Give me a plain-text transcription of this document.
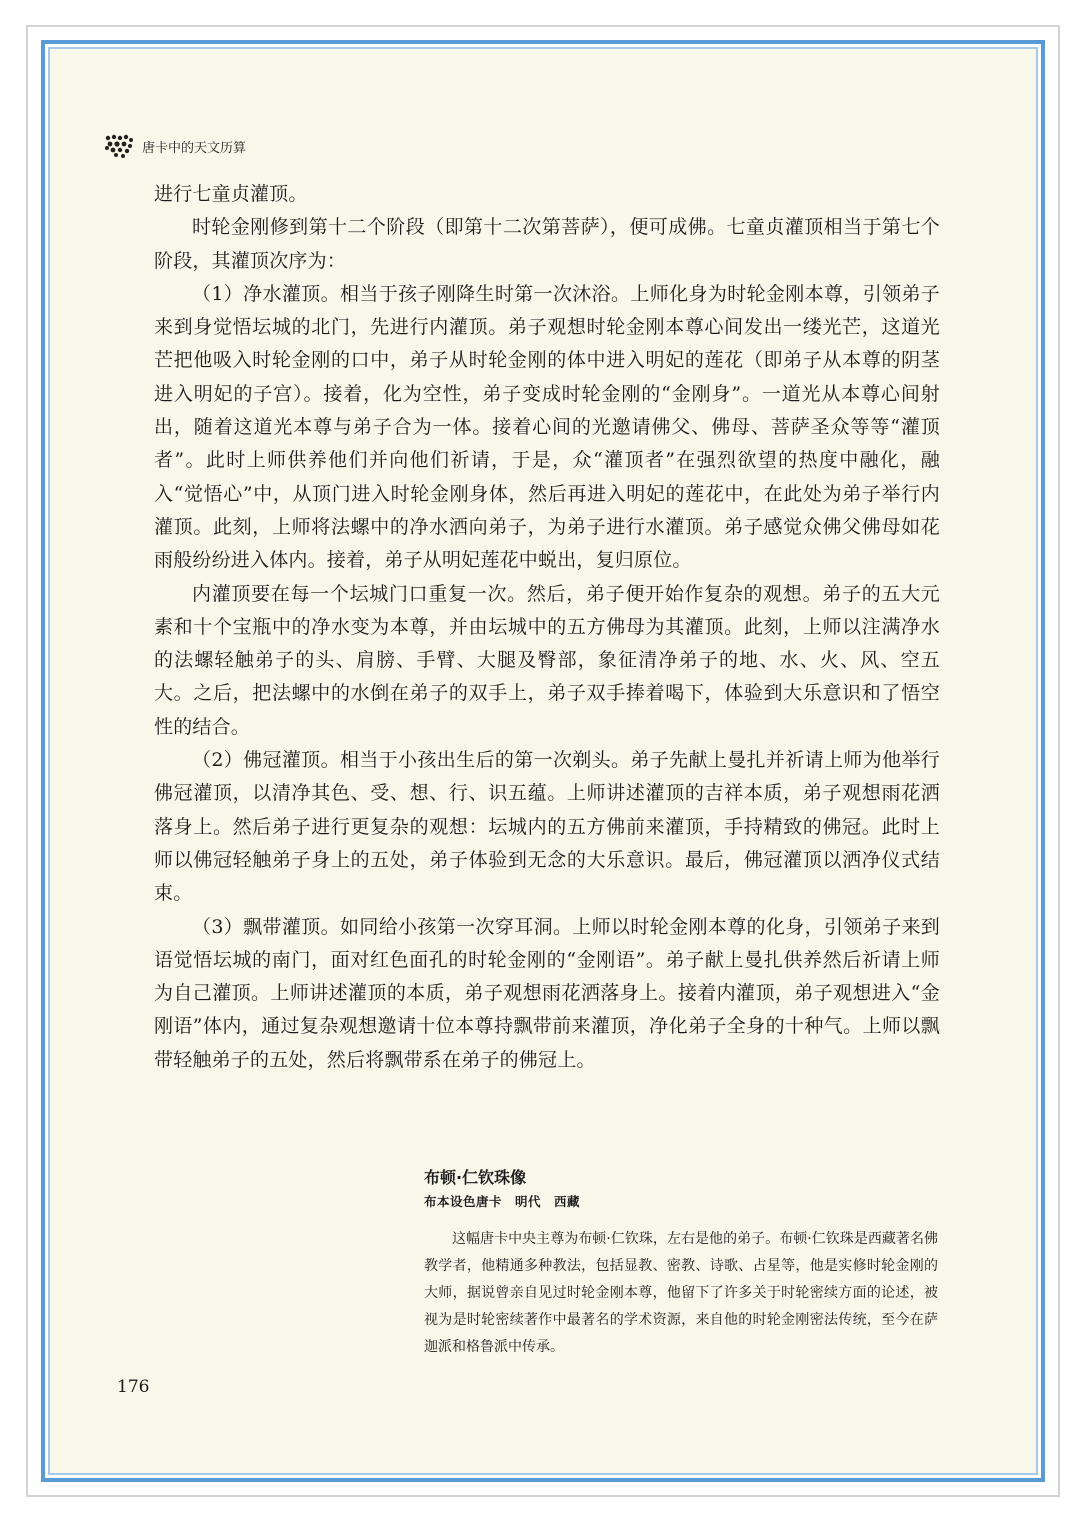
唐卡中的天文历算

进行七童贞灌顶。

时轮金刚修到第十二个阶段（即第十二次第菩萨），便可成佛。七童贞灌顶相当于第七个阶段，其灌顶次序为：

（1）净水灌顶。相当于孩子刚降生时第一次沐浴。上师化身为时轮金刚本尊，引领弟子来到身觉悟坛城的北门，先进行内灌顶。弟子观想时轮金刚本尊心间发出一缕光芒，这道光芒把他吸入时轮金刚的口中，弟子从时轮金刚的体中进入明妃的莲花（即弟子从本尊的阴茎进入明妃的子宫）。接着，化为空性，弟子变成时轮金刚的“金刚身”。一道光从本尊心间射出，随着这道光本尊与弟子合为一体。接着心间的光邀请佛父、佛母、菩萨圣众等等“灌顶者”。此时上师供养他们并向他们祈请，于是，众“灌顶者”在强烈欲望的热度中融化，融入“觉悟心”中，从顶门进入时轮金刚身体，然后再进入明妃的莲花中，在此处为弟子举行内灌顶。此刻，上师将法螺中的净水洒向弟子，为弟子进行水灌顶。弟子感觉众佛父佛母如花雨般纷纷进入体内。接着，弟子从明妃莲花中蜕出，复归原位。

内灌顶要在每一个坛城门口重复一次。然后，弟子便开始作复杂的观想。弟子的五大元素和十个宝瓶中的净水变为本尊，并由坛城中的五方佛母为其灌顶。此刻，上师以注满净水的法螺轻触弟子的头、肩膀、手臂、大腿及臀部，象征清净弟子的地、水、火、风、空五大。之后，把法螺中的水倒在弟子的双手上，弟子双手捧着喝下，体验到大乐意识和了悟空性的结合。

（2）佛冠灌顶。相当于小孩出生后的第一次剃头。弟子先献上曼扎并祈请上师为他举行佛冠灌顶，以清净其色、受、想、行、识五蕴。上师讲述灌顶的吉祥本质，弟子观想雨花洒落身上。然后弟子进行更复杂的观想：坛城内的五方佛前来灌顶，手持精致的佛冠。此时上师以佛冠轻触弟子身上的五处，弟子体验到无念的大乐意识。最后，佛冠灌顶以洒净仪式结束。

（3）飘带灌顶。如同给小孩第一次穿耳洞。上师以时轮金刚本尊的化身，引领弟子来到语觉悟坛城的南门，面对红色面孔的时轮金刚的“金刚语”。弟子献上曼扎供养然后祈请上师为自己灌顶。上师讲述灌顶的本质，弟子观想雨花洒落身上。接着内灌顶，弟子观想进入“金刚语”体内，通过复杂观想邀请十位本尊持飘带前来灌顶，净化弟子全身的十种气。上师以飘带轻触弟子的五处，然后将飘带系在弟子的佛冠上。

布顿·仁钦珠像

布本设色唐卡　明代　西藏

这幅唐卡中央主尊为布顿·仁钦珠，左右是他的弟子。布顿·仁钦珠是西藏著名佛教学者，他精通多种教法，包括显教、密教、诗歌、占星等，他是实修时轮金刚的大师，据说曾亲自见过时轮金刚本尊，他留下了许多关于时轮密续方面的论述，被视为是时轮密续著作中最著名的学术资源，来自他的时轮金刚密法传统，至今在萨迦派和格鲁派中传承。

176
